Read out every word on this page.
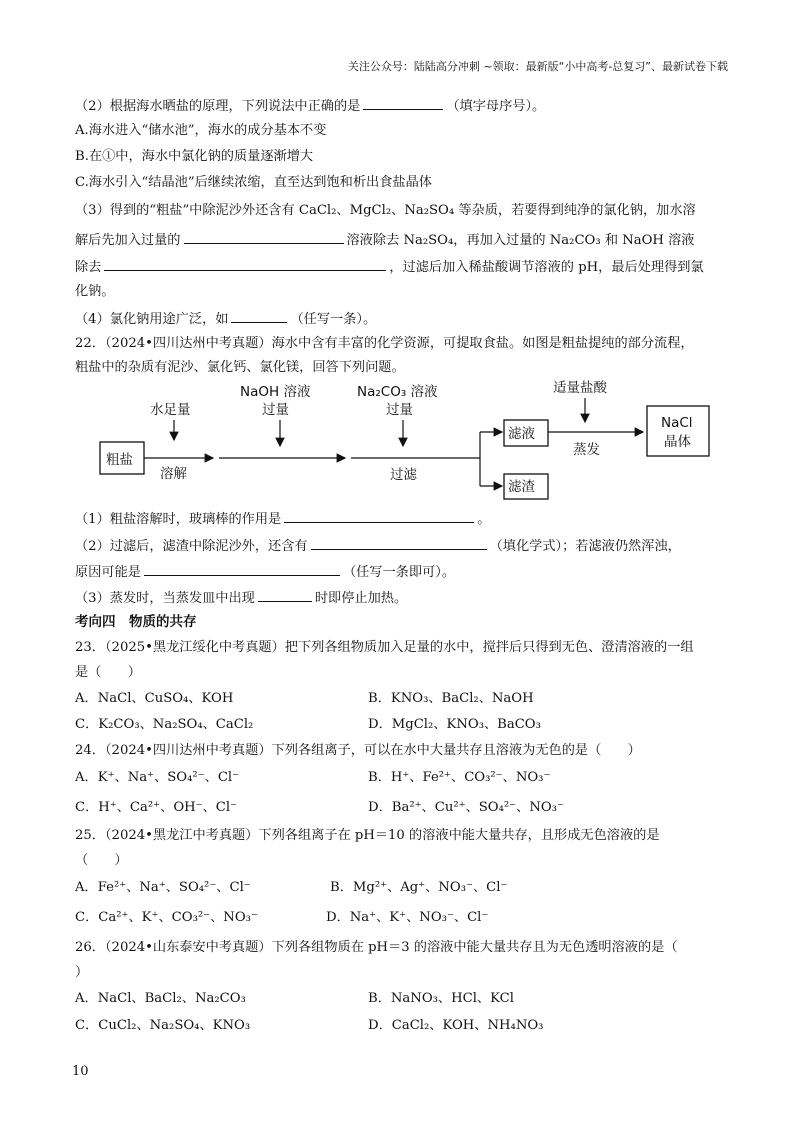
关注公众号：陆陆高分冲刺 ~领取：最新版“小中高考-总复习”、最新试卷下载
（2）根据海水晒盐的原理，下列说法中正确的是	（填字母序号）。
A.海水进入“储水池”，海水的成分基本不变
B.在①中，海水中氯化钠的质量逐渐增大
C.海水引入“结晶池”后继续浓缩，直至达到饱和析出食盐晶体
（3）得到的“粗盐”中除泥沙外还含有 CaCl₂、MgCl₂、Na₂SO₄ 等杂质，若要得到纯净的氯化钠，加水溶
解后先加入过量的	溶液除去 Na₂SO₄，再加入过量的 Na₂CO₃ 和 NaOH 溶液
除去	，过滤后加入稀盐酸调节溶液的 pH，最后处理得到氯
化钠。
（4）氯化钠用途广泛，如	（任写一条）。
22．（2024•四川达州中考真题）海水中含有丰富的化学资源，可提取食盐。如图是粗盐提纯的部分流程，
粗盐中的杂质有泥沙、氯化钙、氯化镁，回答下列问题。
粗盐
水足量
溶解
NaOH 溶液
过量
Na₂CO₃ 溶液
过量
过滤
滤液
滤渣
适量盐酸
蒸发
NaCl
晶体
（1）粗盐溶解时，玻璃棒的作用是	。
（2）过滤后，滤渣中除泥沙外，还含有	（填化学式）；若滤液仍然浑浊，
原因可能是	（任写一条即可）。
（3）蒸发时，当蒸发皿中出现	时即停止加热。
考向四　物质的共存
23．（2025•黑龙江绥化中考真题）把下列各组物质加入足量的水中，搅拌后只得到无色、澄清溶液的一组
是（　　）
A．NaCl、CuSO₄、KOH	B．KNO₃、BaCl₂、NaOH
C．K₂CO₃、Na₂SO₄、CaCl₂	D．MgCl₂、KNO₃、BaCO₃
24．（2024•四川达州中考真题）下列各组离子，可以在水中大量共存且溶液为无色的是（　　）
A．K⁺、Na⁺、SO₄²⁻、Cl⁻	B．H⁺、Fe²⁺、CO₃²⁻、NO₃⁻
C．H⁺、Ca²⁺、OH⁻、Cl⁻	D．Ba²⁺、Cu²⁺、SO₄²⁻、NO₃⁻
25．（2024•黑龙江中考真题）下列各组离子在 pH＝10 的溶液中能大量共存，且形成无色溶液的是
（　　）
A．Fe²⁺、Na⁺、SO₄²⁻、Cl⁻	B．Mg²⁺、Ag⁺、NO₃⁻、Cl⁻
C．Ca²⁺、K⁺、CO₃²⁻、NO₃⁻	D．Na⁺、K⁺、NO₃⁻、Cl⁻
26．（2024•山东泰安中考真题）下列各组物质在 pH＝3 的溶液中能大量共存且为无色透明溶液的是（
）
A．NaCl、BaCl₂、Na₂CO₃	B．NaNO₃、HCl、KCl
C．CuCl₂、Na₂SO₄、KNO₃	D．CaCl₂、KOH、NH₄NO₃
10
